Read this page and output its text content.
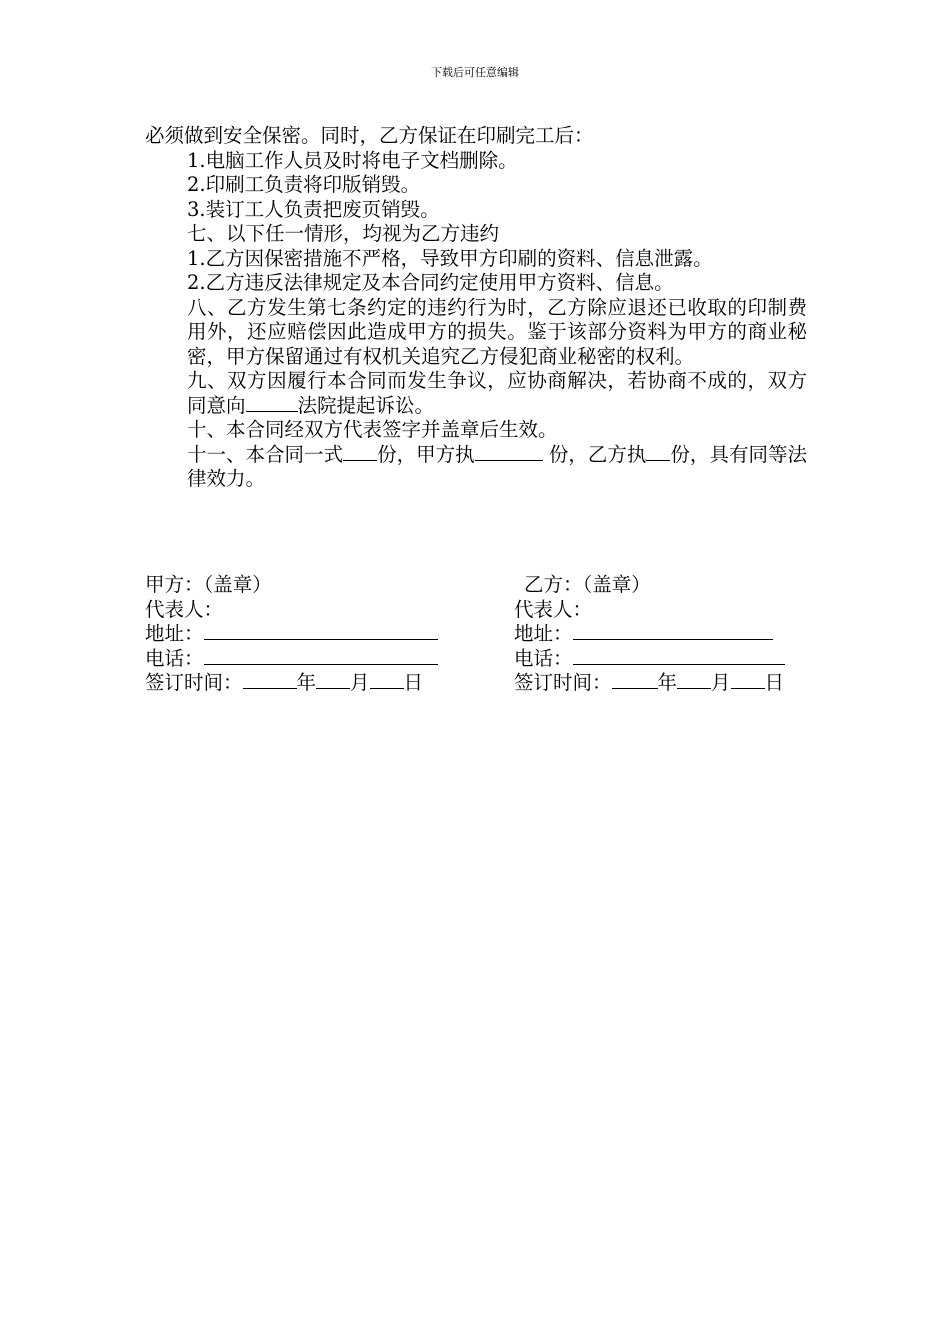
下载后可任意编辑

必须做到安全保密。同时，乙方保证在印刷完工后：

1.电脑工作人员及时将电子文档删除。

2.印刷工负责将印版销毁。

3.装订工人负责把废页销毁。

七、以下任一情形，均视为乙方违约

1.乙方因保密措施不严格，导致甲方印刷的资料、信息泄露。

2.乙方违反法律规定及本合同约定使用甲方资料、信息。

八、乙方发生第七条约定的违约行为时，乙方除应退还已收取的印制费用外，还应赔偿因此造成甲方的损失。鉴于该部分资料为甲方的商业秘密，甲方保留通过有权机关追究乙方侵犯商业秘密的权利。

九、双方因履行本合同而发生争议，应协商解决，若协商不成的，双方同意向	法院提起诉讼。

十、本合同经双方代表签字并盖章后生效。

十一、本合同一式 份，甲方执	份，乙方执 份，具有同等法律效力。

甲方：（盖章）
代表人：
地址：
电话：
签订时间：	年 月 日
乙方：（盖章）
代表人：
地址：
电话：
签订时间： 年 月 日
